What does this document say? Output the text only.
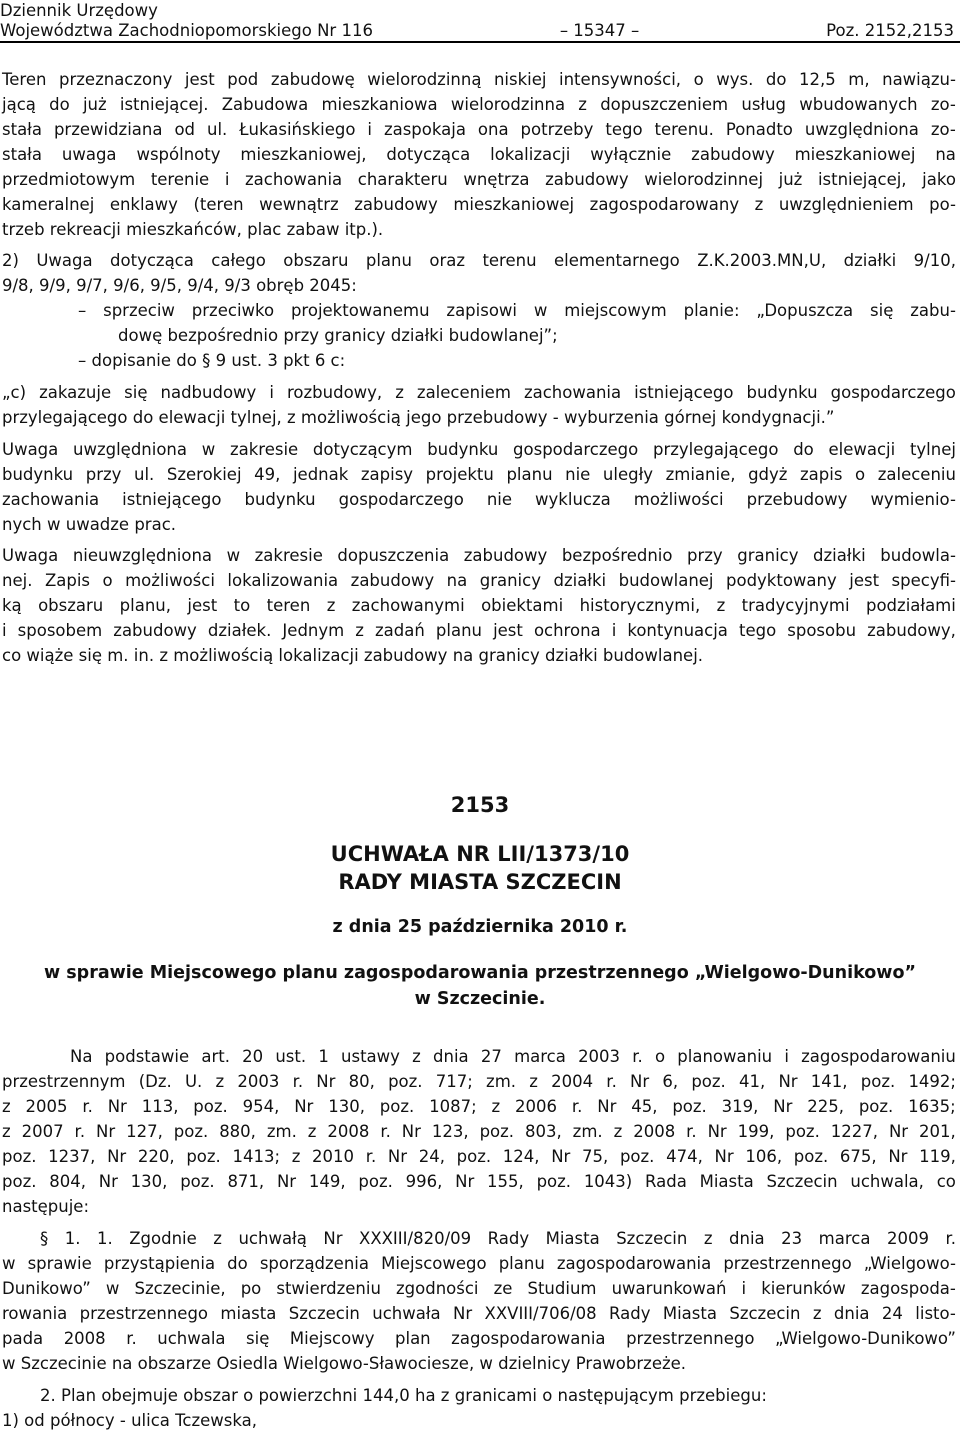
Dziennik Urzędowy
Województwa Zachodniopomorskiego Nr 116	– 15347 –	Poz. 2152,2153
Teren przeznaczony jest pod zabudowę wielorodzinną niskiej intensywności, o wys. do 12,5 m, nawiązu-
jącą do już istniejącej. Zabudowa mieszkaniowa wielorodzinna z dopuszczeniem usług wbudowanych zo-
stała przewidziana od ul. Łukasińskiego i zaspokaja ona potrzeby tego terenu. Ponadto uwzględniona zo-
stała uwaga wspólnoty mieszkaniowej, dotycząca lokalizacji wyłącznie zabudowy mieszkaniowej na
przedmiotowym terenie i zachowania charakteru wnętrza zabudowy wielorodzinnej już istniejącej, jako
kameralnej enklawy (teren wewnątrz zabudowy mieszkaniowej zagospodarowany z uwzględnieniem po-
trzeb rekreacji mieszkańców, plac zabaw itp.).
2) Uwaga dotycząca całego obszaru planu oraz terenu elementarnego Z.K.2003.MN,U, działki 9/10,
9/8, 9/9, 9/7, 9/6, 9/5, 9/4, 9/3 obręb 2045:
– sprzeciw przeciwko projektowanemu zapisowi w miejscowym planie: „Dopuszcza się zabu-
dowę bezpośrednio przy granicy działki budowlanej”;
– dopisanie do § 9 ust. 3 pkt 6 c:
„c) zakazuje się nadbudowy i rozbudowy, z zaleceniem zachowania istniejącego budynku gospodarczego
przylegającego do elewacji tylnej, z możliwością jego przebudowy - wyburzenia górnej kondygnacji.”
Uwaga uwzględniona w zakresie dotyczącym budynku gospodarczego przylegającego do elewacji tylnej
budynku przy ul. Szerokiej 49, jednak zapisy projektu planu nie uległy zmianie, gdyż zapis o zaleceniu
zachowania istniejącego budynku gospodarczego nie wyklucza możliwości przebudowy wymienio-
nych w uwadze prac.
Uwaga nieuwzględniona w zakresie dopuszczenia zabudowy bezpośrednio przy granicy działki budowla-
nej. Zapis o możliwości lokalizowania zabudowy na granicy działki budowlanej podyktowany jest specyfi-
ką obszaru planu, jest to teren z zachowanymi obiektami historycznymi, z tradycyjnymi podziałami
i sposobem zabudowy działek. Jednym z zadań planu jest ochrona i kontynuacja tego sposobu zabudowy,
co wiąże się m. in. z możliwością lokalizacji zabudowy na granicy działki budowlanej.
Na podstawie art. 20 ust. 1 ustawy z dnia 27 marca 2003 r. o planowaniu i zagospodarowaniu
przestrzennym (Dz. U. z 2003 r. Nr 80, poz. 717; zm. z 2004 r. Nr 6, poz. 41, Nr 141, poz. 1492;
z 2005 r. Nr 113, poz. 954, Nr 130, poz. 1087; z 2006 r. Nr 45, poz. 319, Nr 225, poz. 1635;
z 2007 r. Nr 127, poz. 880, zm. z 2008 r. Nr 123, poz. 803, zm. z 2008 r. Nr 199, poz. 1227, Nr 201,
poz. 1237, Nr 220, poz. 1413; z 2010 r. Nr 24, poz. 124, Nr 75, poz. 474, Nr 106, poz. 675, Nr 119,
poz. 804, Nr 130, poz. 871, Nr 149, poz. 996, Nr 155, poz. 1043) Rada Miasta Szczecin uchwala, co
następuje:
§ 1. 1. Zgodnie z uchwałą Nr XXXIII/820/09 Rady Miasta Szczecin z dnia 23 marca 2009 r.
w sprawie przystąpienia do sporządzenia Miejscowego planu zagospodarowania przestrzennego „Wielgowo-
Dunikowo” w Szczecinie, po stwierdzeniu zgodności ze Studium uwarunkowań i kierunków zagospoda-
rowania przestrzennego miasta Szczecin uchwała Nr XXVIII/706/08 Rady Miasta Szczecin z dnia 24 listo-
pada 2008 r. uchwala się Miejscowy plan zagospodarowania przestrzennego „Wielgowo-Dunikowo”
w Szczecinie na obszarze Osiedla Wielgowo-Sławociesze, w dzielnicy Prawobrzeże.
2. Plan obejmuje obszar o powierzchni 144,0 ha z granicami o następującym przebiegu:
1) od północy - ulica Tczewska,
2153
UCHWAŁA NR LII/1373/10
RADY MIASTA SZCZECIN
z dnia 25 października 2010 r.
w sprawie Miejscowego planu zagospodarowania przestrzennego „Wielgowo-Dunikowo”
w Szczecinie.
